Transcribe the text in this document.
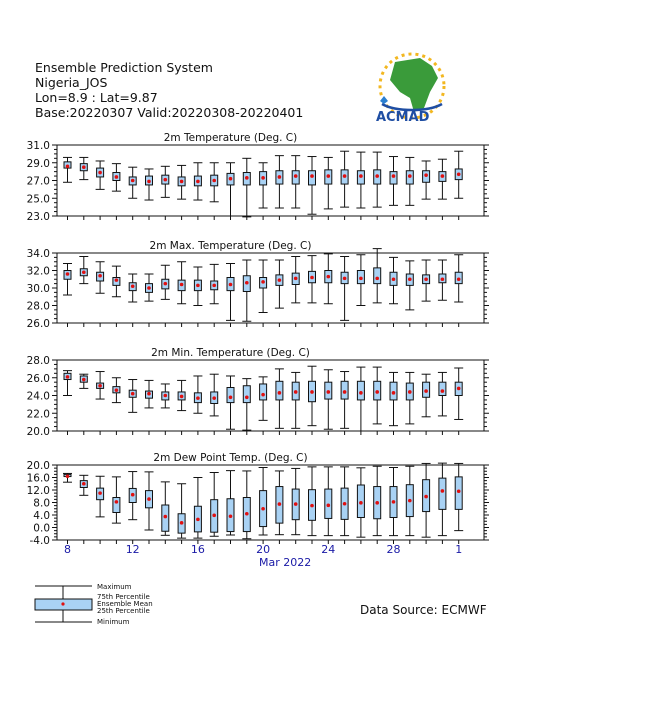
Ensemble Prediction System
Nigeria_JOS
Lon=8.9 : Lat=9.87
Base:20220307 Valid:20220308-20220401	ACMAD
2m Temperature (Deg. C)
23.0
25.0
27.0
29.0
31.0
2m Max. Temperature (Deg. C)
26.0
28.0
30.0
32.0
34.0
2m Min. Temperature (Deg. C)
20.0
22.0
24.0
26.0
28.0
2m Dew Point Temp. (Deg. C)
-4.0
0.0
4.0
8.0
12.0
16.0
20.0
8	12	16	20	24	28	1
Mar 2022
Maximum
75th Percentile
Ensemble Mean
25th Percentile
Minimum
Data Source: ECMWF
